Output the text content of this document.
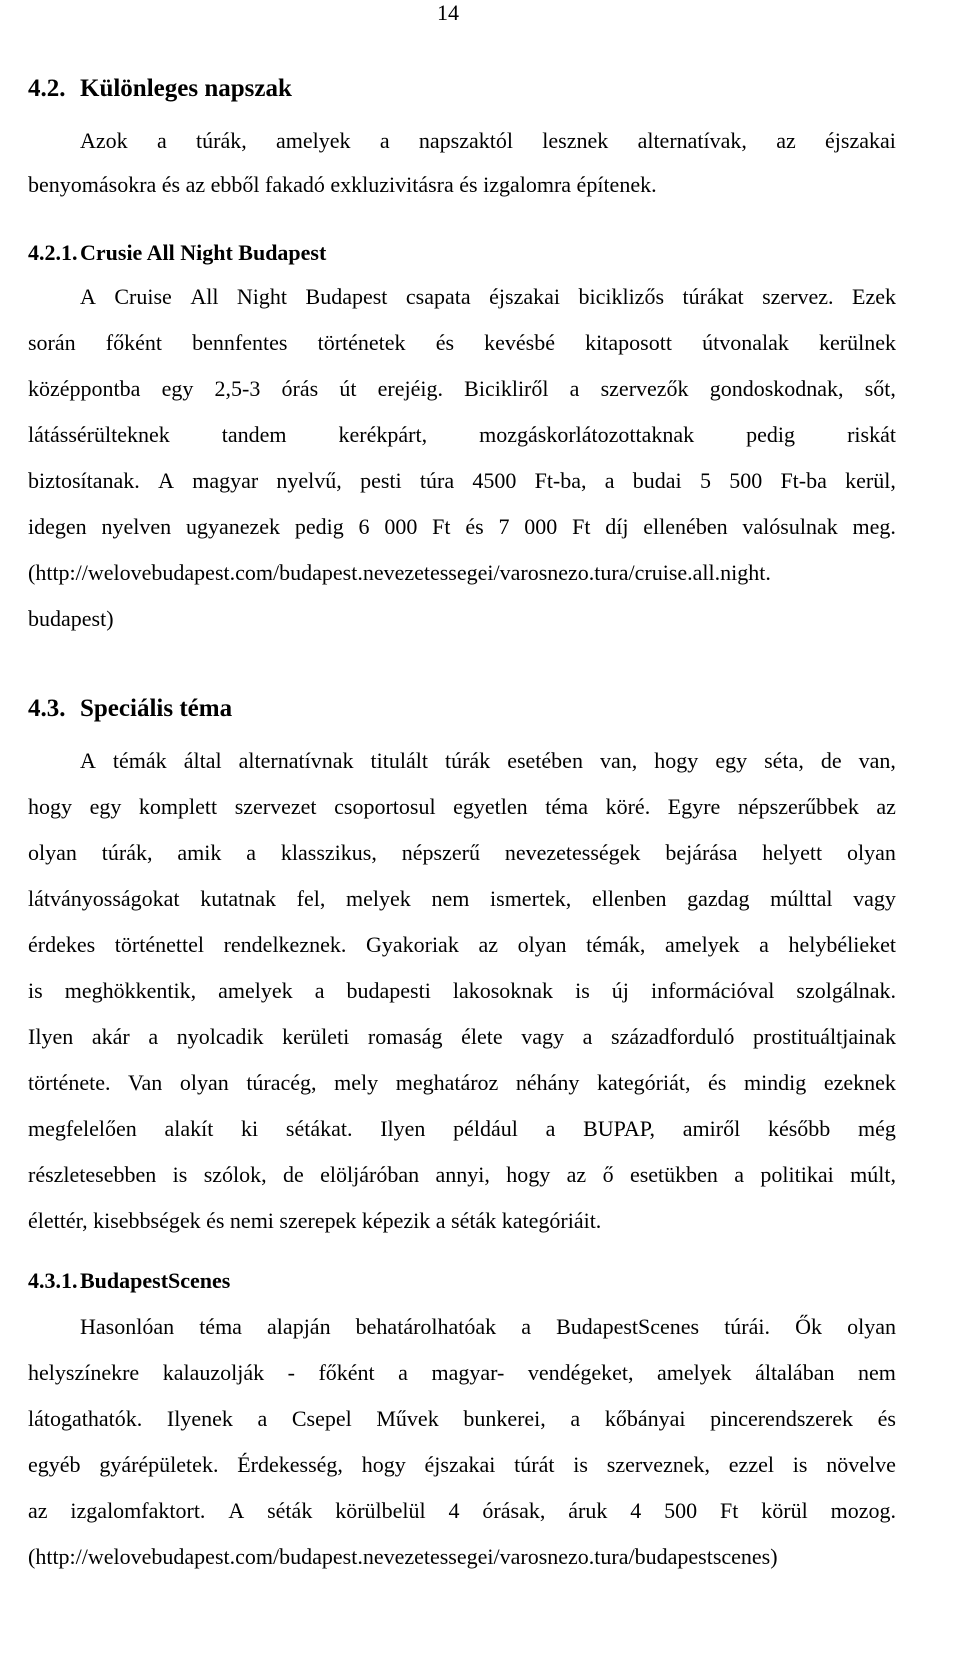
14
4.2. Különleges napszak
Azok a túrák, amelyek a napszaktól lesznek alternatívak, az éjszakai
benyomásokra és az ebből fakadó exkluzivitásra és izgalomra építenek.
4.2.1. Crusie All Night Budapest
A Cruise All Night Budapest csapata éjszakai biciklizős túrákat szervez. Ezek
során főként bennfentes történetek és kevésbé kitaposott útvonalak kerülnek
középpontba egy 2,5-3 órás út erejéig. Bicikliről a szervezők gondoskodnak, sőt,
látássérülteknek tandem kerékpárt, mozgáskorlátozottaknak pedig riskát
biztosítanak. A magyar nyelvű, pesti túra 4500 Ft-ba, a budai 5 500 Ft-ba kerül,
idegen nyelven ugyanezek pedig 6 000 Ft és 7 000 Ft díj ellenében valósulnak meg.
(http://welovebudapest.com/budapest.nevezetessegei/varosnezo.tura/cruise.all.night.
budapest)
4.3. Speciális téma
A témák által alternatívnak titulált túrák esetében van, hogy egy séta, de van,
hogy egy komplett szervezet csoportosul egyetlen téma köré. Egyre népszerűbbek az
olyan túrák, amik a klasszikus, népszerű nevezetességek bejárása helyett olyan
látványosságokat kutatnak fel, melyek nem ismertek, ellenben gazdag múlttal vagy
érdekes történettel rendelkeznek. Gyakoriak az olyan témák, amelyek a helybélieket
is meghökkentik, amelyek a budapesti lakosoknak is új információval szolgálnak.
Ilyen akár a nyolcadik kerületi romaság élete vagy a századforduló prostituáltjainak
története. Van olyan túracég, mely meghatároz néhány kategóriát, és mindig ezeknek
megfelelően alakít ki sétákat. Ilyen például a BUPAP, amiről később még
részletesebben is szólok, de elöljáróban annyi, hogy az ő esetükben a politikai múlt,
élettér, kisebbségek és nemi szerepek képezik a séták kategóriáit.
4.3.1. BudapestScenes
Hasonlóan téma alapján behatárolhatóak a BudapestScenes túrái. Ők olyan
helyszínekre kalauzolják - főként a magyar- vendégeket, amelyek általában nem
látogathatók. Ilyenek a Csepel Művek bunkerei, a kőbányai pincerendszerek és
egyéb gyárépületek. Érdekesség, hogy éjszakai túrát is szerveznek, ezzel is növelve
az izgalomfaktort. A séták körülbelül 4 órásak, áruk 4 500 Ft körül mozog.
(http://welovebudapest.com/budapest.nevezetessegei/varosnezo.tura/budapestscenes)
